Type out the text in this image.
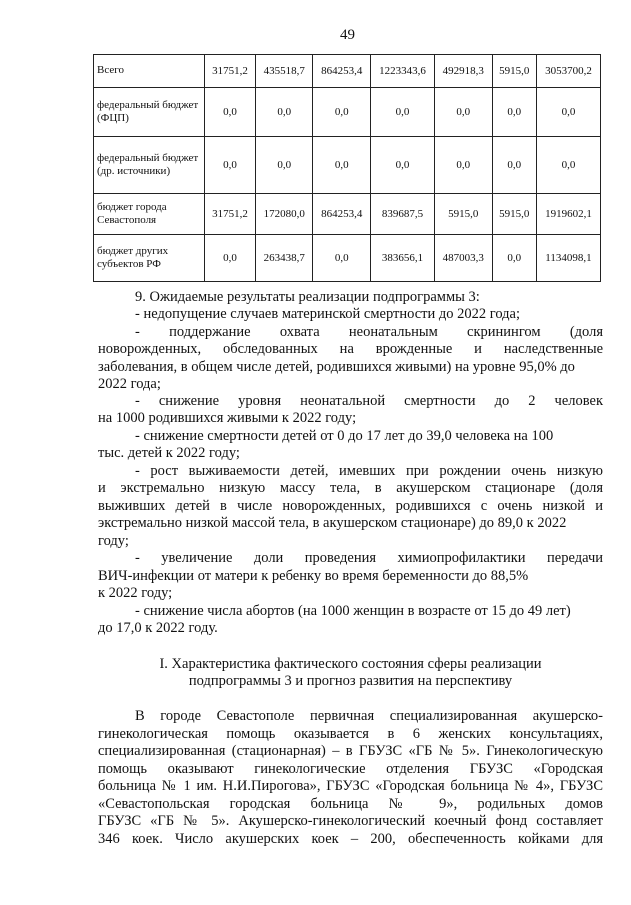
49
Всего	31751,2	435518,7	864253,4	1223343,6	492918,3	5915,0	3053700,2
федеральный бюджет (ФЦП)	0,0	0,0	0,0	0,0	0,0	0,0	0,0
федеральный бюджет (др. источники)	0,0	0,0	0,0	0,0	0,0	0,0	0,0
бюджет города Севастополя	31751,2	172080,0	864253,4	839687,5	5915,0	5915,0	1919602,1
бюджет других субъектов РФ	0,0	263438,7	0,0	383656,1	487003,3	0,0	1134098,1
9. Ожидаемые результаты реализации подпрограммы 3:
- недопущение случаев материнской смертности до 2022 года;
- поддержание охвата неонатальным скринингом (доля
новорожденных, обследованных на врожденные и наследственные
заболевания, в общем числе детей, родившихся живыми) на уровне 95,0% до
2022 года;
- снижение уровня неонатальной смертности до 2 человек
на 1000 родившихся живыми к 2022 году;
- снижение смертности детей от 0 до 17 лет до 39,0 человека на 100
тыс. детей к 2022 году;
- рост выживаемости детей, имевших при рождении очень низкую
и экстремально низкую массу тела, в акушерском стационаре (доля
выживших детей в числе новорожденных, родившихся с очень низкой и
экстремально низкой массой тела, в акушерском стационаре) до 89,0 к 2022
году;
- увеличение доли проведения химиопрофилактики передачи
ВИЧ-инфекции от матери к ребенку во время беременности до 88,5%
к 2022 году;
- снижение числа абортов (на 1000 женщин в возрасте от 15 до 49 лет)
до 17,0 к 2022 году.
I. Характеристика фактического состояния сферы реализации
подпрограммы 3 и прогноз развития на перспективу
В городе Севастополе первичная специализированная акушерско-
гинекологическая помощь оказывается в 6 женских консультациях,
специализированная (стационарная) – в ГБУЗС «ГБ № 5». Гинекологическую
помощь оказывают гинекологические отделения ГБУЗС «Городская
больница № 1 им. Н.И.Пирогова», ГБУЗС «Городская больница № 4», ГБУЗС
«Севастопольская городская больница № 9», родильных домов
ГБУЗС «ГБ № 5». Акушерско-гинекологический коечный фонд составляет
346 коек. Число акушерских коек – 200, обеспеченность койками для
